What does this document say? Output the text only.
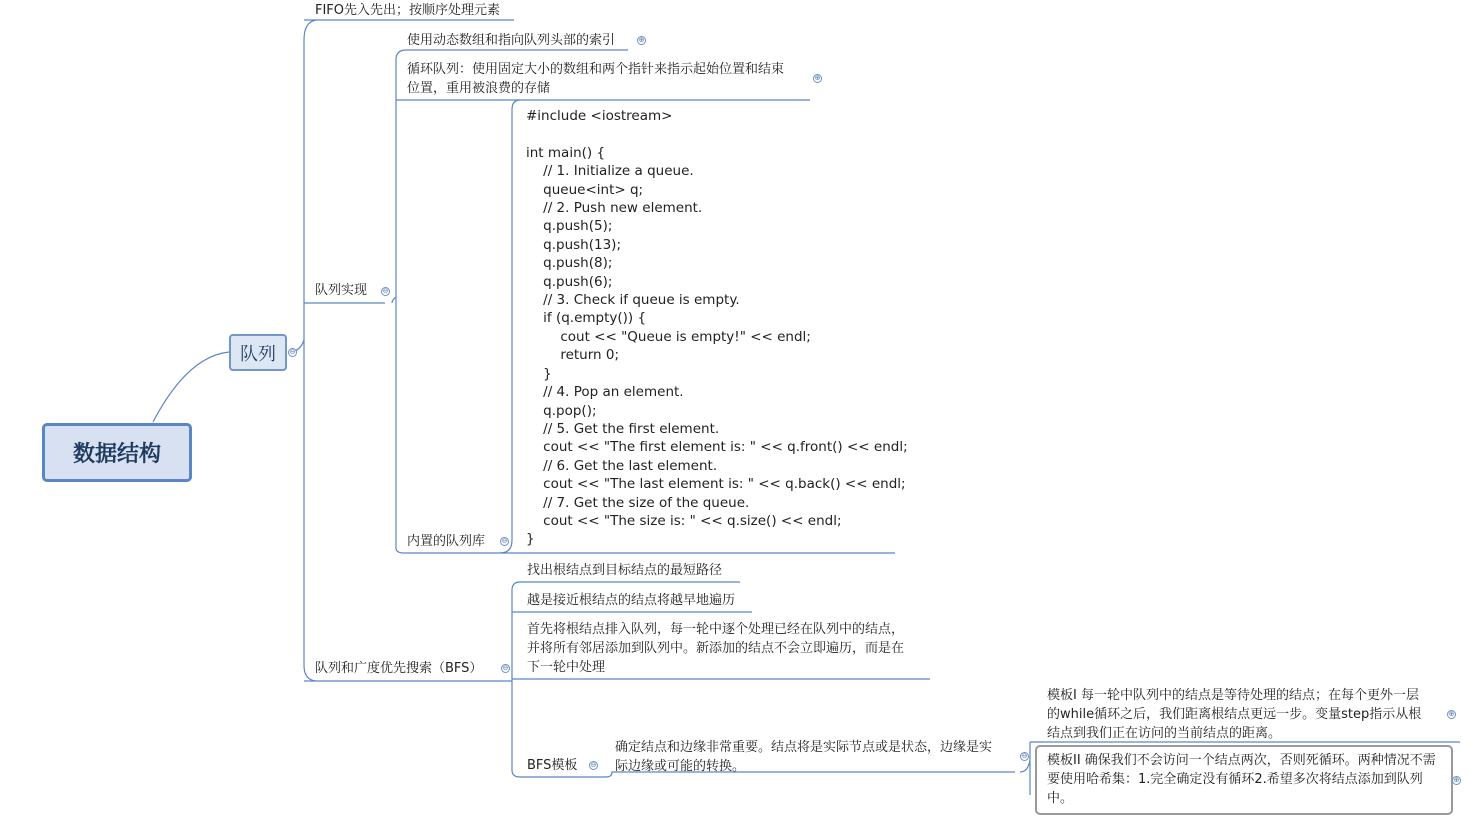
数据结构
队列 ⊖
FIFO先入先出；按顺序处理元素
队列实现 ⊖
使用动态数组和指向队列头部的索引	⊕
循环队列：使用固定大小的数组和两个指针来指示起始位置和结束
位置，重用被浪费的存储
⊕
内置的队列库 ⊖
#include <iostream>

int main() {
// 1. Initialize a queue.
queue<int> q;
// 2. Push new element.
q.push(5);
q.push(13);
q.push(8);
q.push(6);
// 3. Check if queue is empty.
if (q.empty()) {
cout << "Queue is empty!" << endl;
return 0;
}
// 4. Pop an element.
q.pop();
// 5. Get the first element.
cout << "The first element is: " << q.front() << endl;
// 6. Get the last element.
cout << "The last element is: " << q.back() << endl;
// 7. Get the size of the queue.
cout << "The size is: " << q.size() << endl;
}
队列和广度优先搜索（BFS）	⊖
找出根结点到目标结点的最短路径
越是接近根结点的结点将越早地遍历
首先将根结点排入队列，每一轮中逐个处理已经在队列中的结点，
并将所有邻居添加到队列中。新添加的结点不会立即遍历，而是在
下一轮中处理
BFS模板 ⊖
确定结点和边缘非常重要。结点将是实际节点或是状态，边缘是实
际边缘或可能的转换。
⊖
模板I 每一轮中队列中的结点是等待处理的结点；在每个更外一层
的while循环之后，我们距离根结点更远一步。变量step指示从根
结点到我们正在访问的当前结点的距离。
⊕
模板II 确保我们不会访问一个结点两次，否则死循环。两种情况不需要使用哈希集：1.完全确定没有循环2.希望多次将结点添加到队列中。
⊕
